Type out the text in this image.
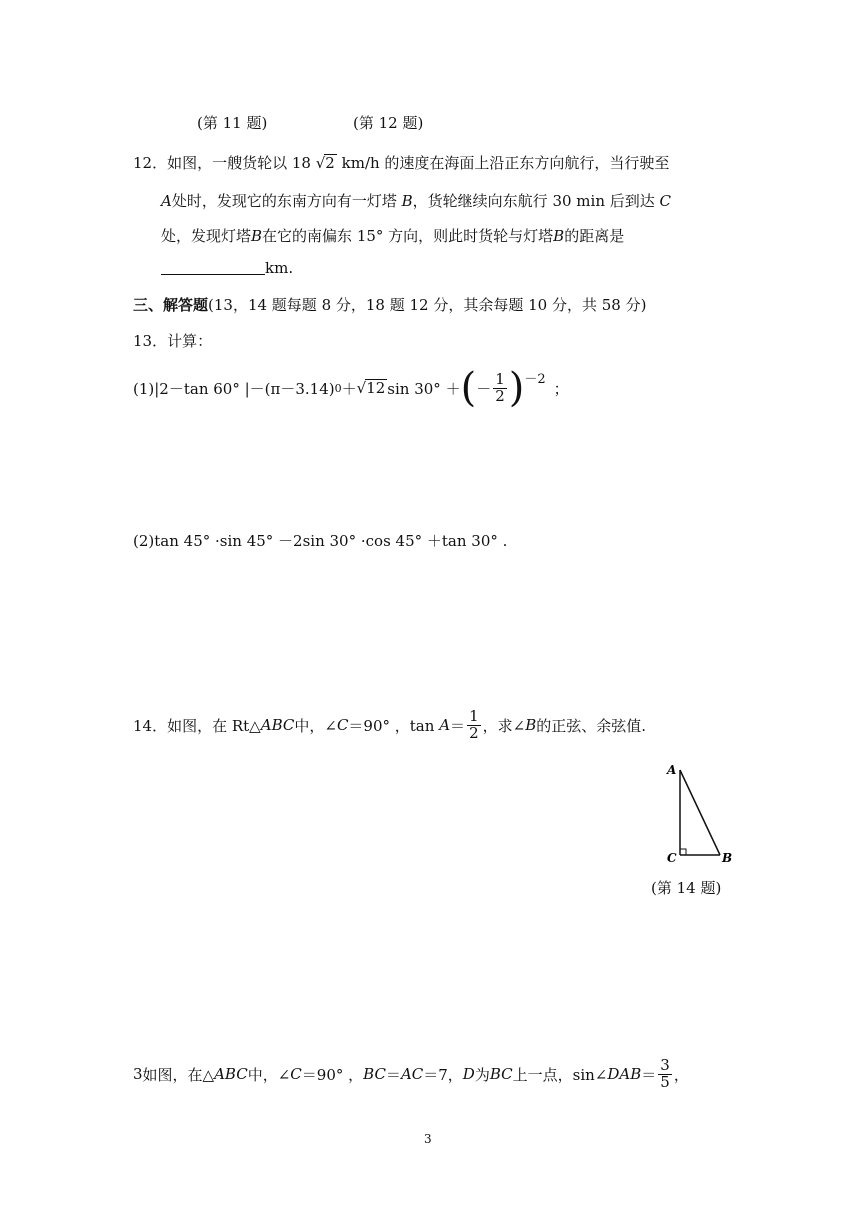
(第 11 题)	(第 12 题)
12．如图，一艘货轮以 18 √2 km/h 的速度在海面上沿正东方向航行，当行驶至
A处时，发现它的东南方向有一灯塔 B，货轮继续向东航行 30 min 后到达 C
处，发现灯塔B在它的南偏东 15° 方向，则此时货轮与灯塔B的距离是
km.
三、解答题(13，14 题每题 8 分，18 题 12 分，其余每题 10 分，共 58 分)
13．计算：
(1)|2－tan 60° |－(π－3.14) 0 ＋ √ 12 sin 30° ＋ ( － $\frac{1}{2}$ ) －2 ；
(2)tan 45° ·sin 45° －2sin 30° ·cos 45° ＋tan 30° .
14． 如图，在 Rt△ ABC 中，∠ C ＝90° ，tan
$A = \frac{1}{2}$ ，求∠ B 的正弦、余弦值.
A
C	B
(第 14 题)
3 如图，在△ ABC 中，∠ C ＝90° ， BC ＝ AC ＝7， D 为 BC 上一点，sin∠ DAB ＝ $\frac{3}{5}$ ，
3
